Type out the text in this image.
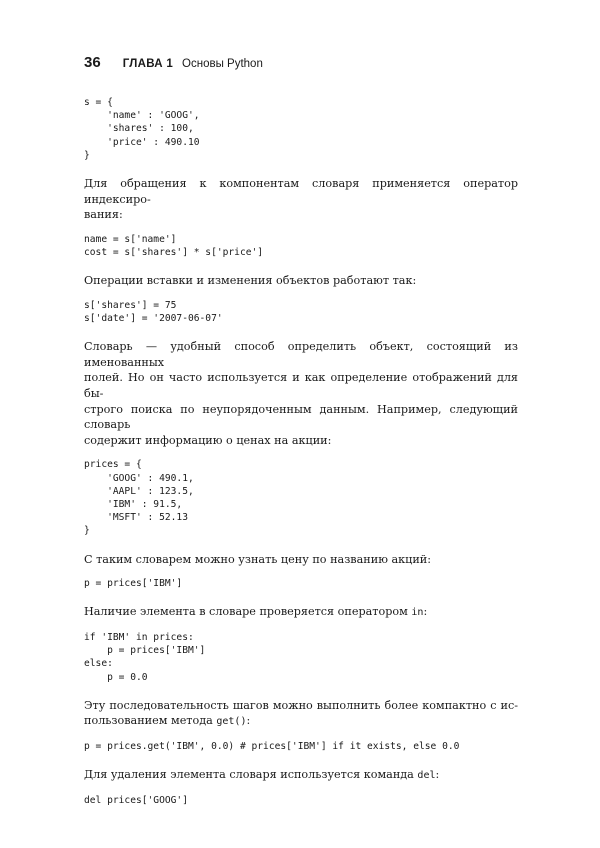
36 ГЛАВА 1 Основы Python
s = {
'name' : 'GOOG',
'shares' : 100,
'price' : 490.10
}

Для обращения к компонентам словаря применяется оператор индексиро-
вания:

name = s['name']
cost = s['shares'] * s['price']

Операции вставки и изменения объектов работают так:

s['shares'] = 75
s['date'] = '2007-06-07'

Словарь — удобный способ определить объект, состоящий из именованных
полей. Но он часто используется и как определение отображений для бы-
строго поиска по неупорядоченным данным. Например, следующий словарь
содержит информацию о ценах на акции:

prices = {
'GOOG' : 490.1,
'AAPL' : 123.5,
'IBM' : 91.5,
'MSFT' : 52.13
}

С таким словарем можно узнать цену по названию акций:

p = prices['IBM']

Наличие элемента в словаре проверяется оператором in:

if 'IBM' in prices:
p = prices['IBM']
else:
p = 0.0

Эту последовательность шагов можно выполнить более компактно с ис-
пользованием метода get():

p = prices.get('IBM', 0.0) # prices['IBM'] if it exists, else 0.0

Для удаления элемента словаря используется команда del:

del prices['GOOG']
